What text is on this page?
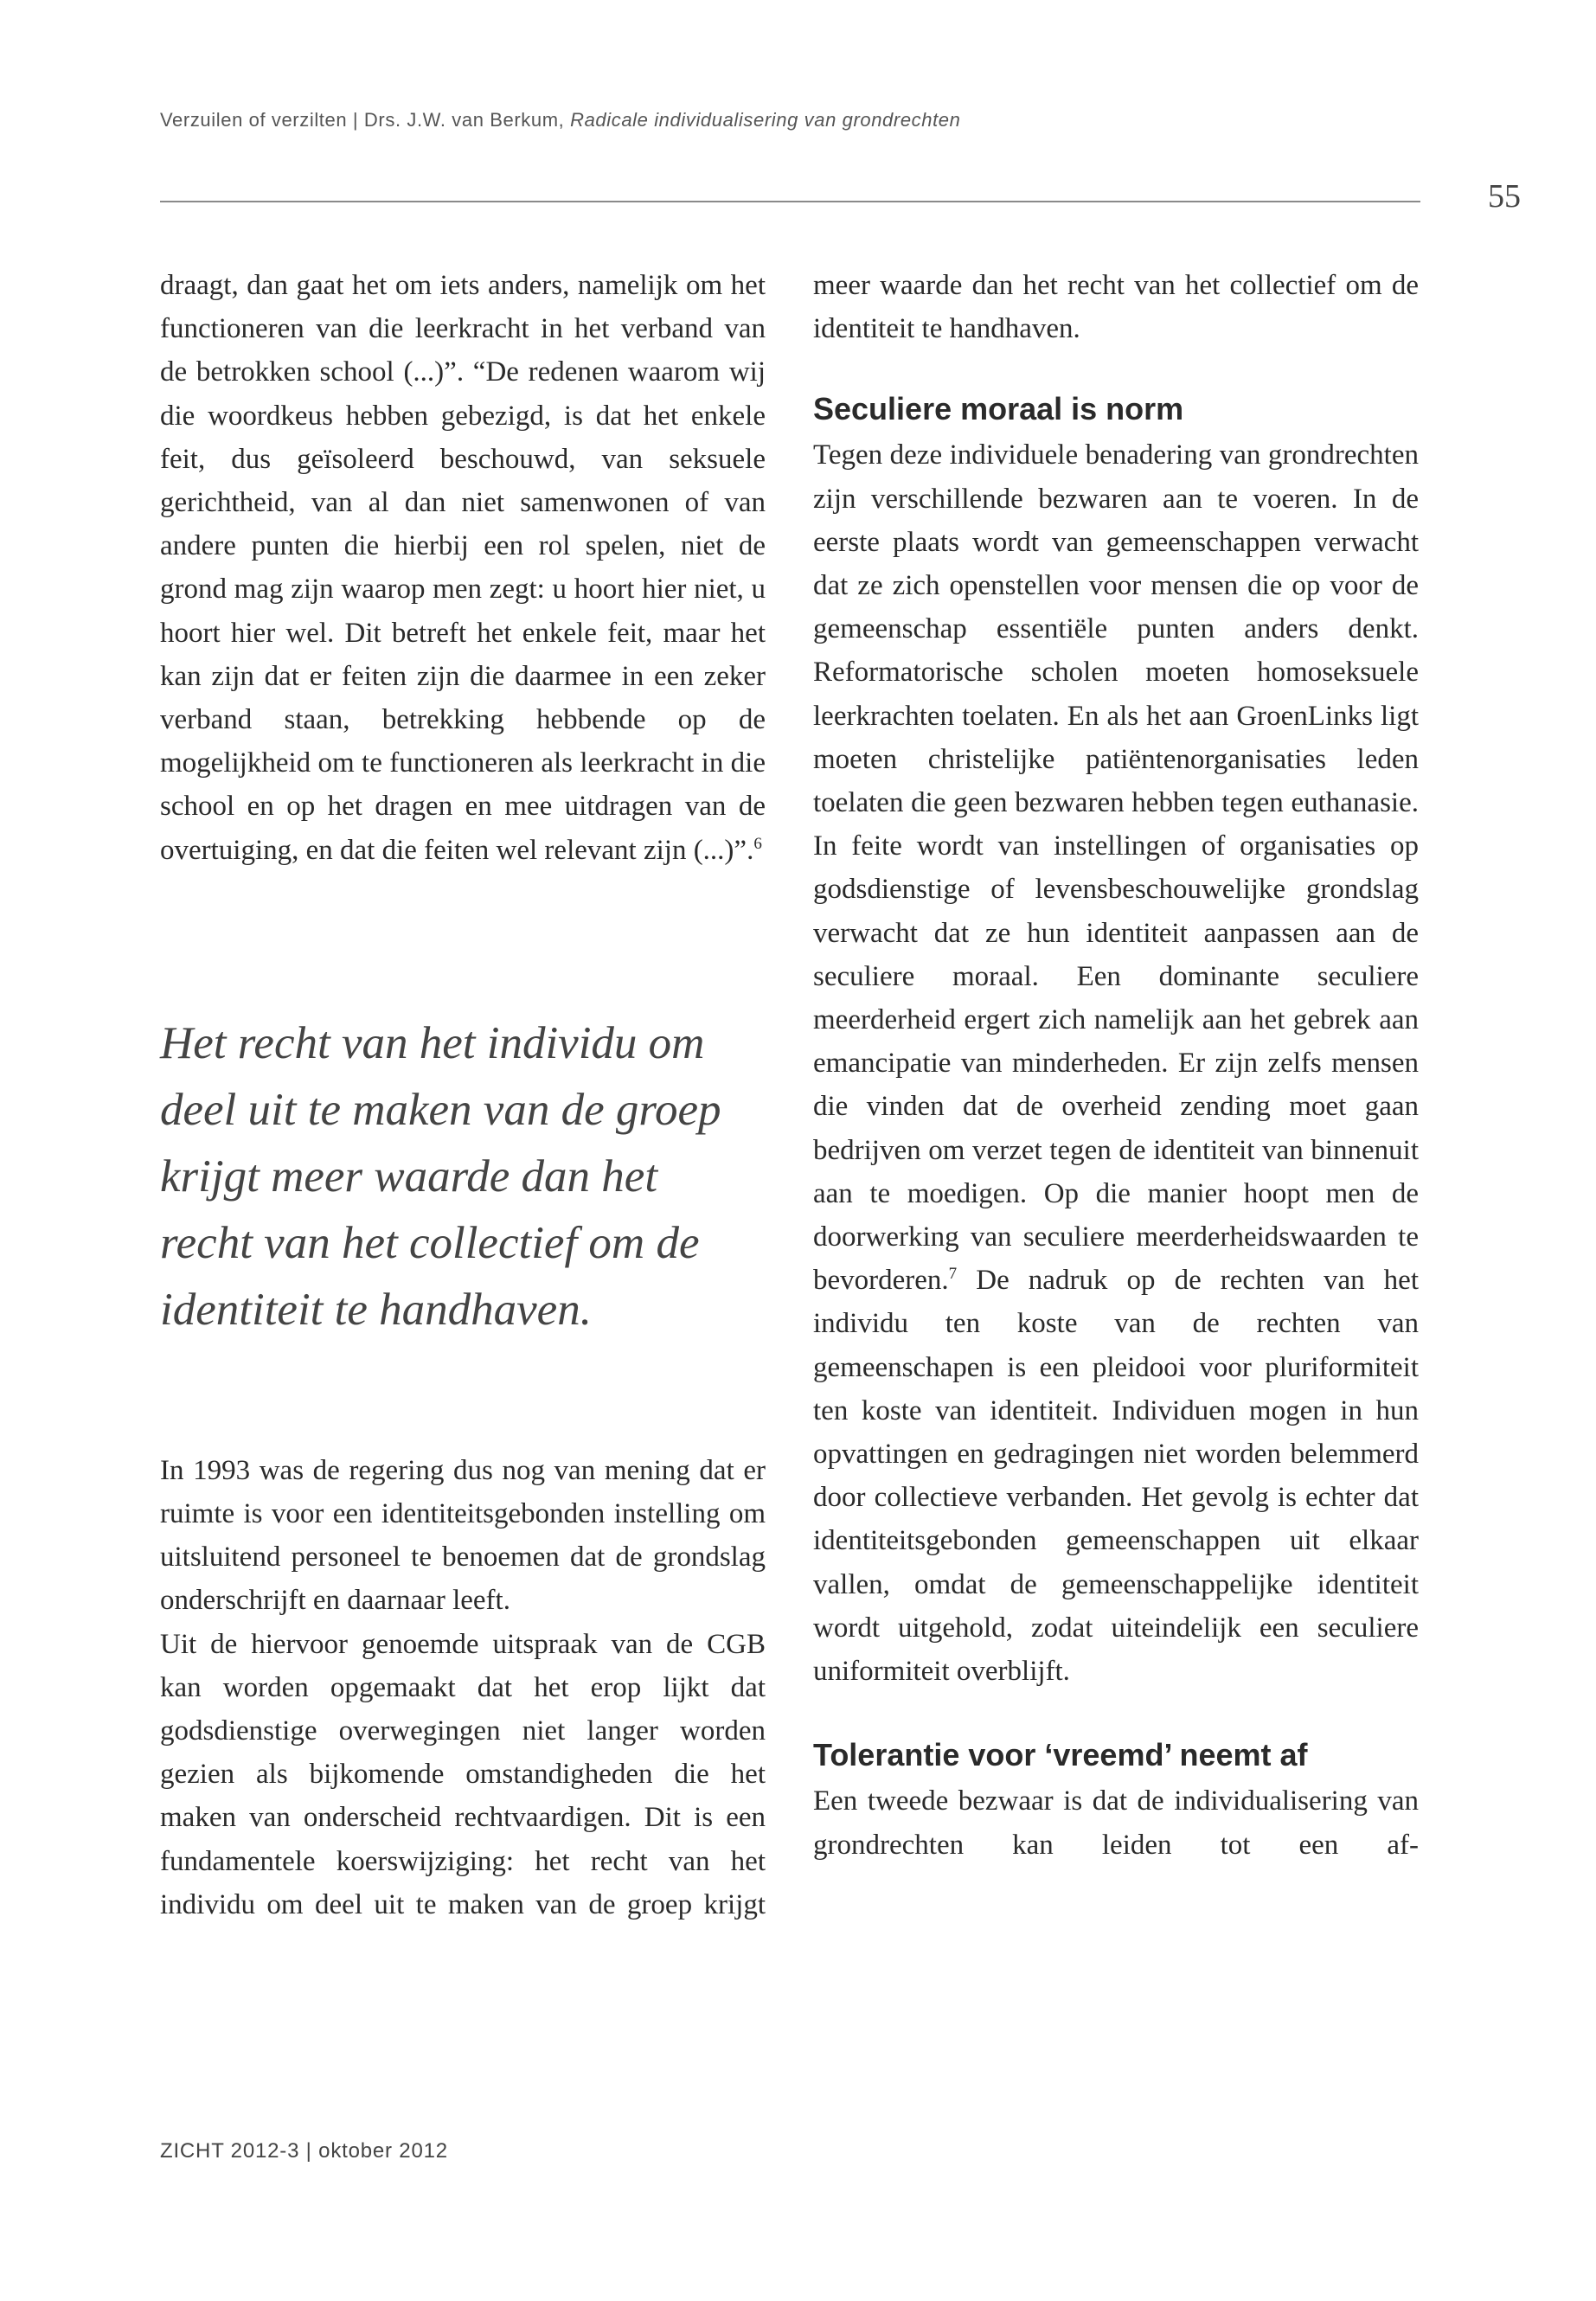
Verzuilen of verzilten | Drs. J.W. van Berkum, Radicale individualisering van grondrechten
55

draagt, dan gaat het om iets anders, namelijk om het functioneren van die leerkracht in het verband van de betrokken school (...)”. “De redenen waarom wij die woordkeus hebben gebezigd, is dat het enkele feit, dus geïsoleerd beschouwd, van seksuele gerichtheid, van al dan niet samenwonen of van andere punten die hierbij een rol spelen, niet de grond mag zijn waarop men zegt: u hoort hier niet, u hoort hier wel. Dit betreft het enkele feit, maar het kan zijn dat er feiten zijn die daarmee in een zeker verband staan, betrekking hebbende op de mogelijkheid om te functioneren als leerkracht in die school en op het dragen en mee uitdragen van de overtuiging, en dat die feiten wel relevant zijn (...)”.$^6$

Het recht van het individu om
deel uit te maken van de groep
krijgt meer waarde dan het
recht van het collectief om de
identiteit te handhaven.

In 1993 was de regering dus nog van mening dat er ruimte is voor een identiteitsgebonden instelling om uitsluitend personeel te benoemen dat de grondslag onderschrijft en daarnaar leeft.

Uit de hiervoor genoemde uitspraak van de CGB kan worden opgemaakt dat het erop lijkt dat godsdienstige overwegingen niet langer worden gezien als bijkomende omstandigheden die het maken van onderscheid rechtvaardigen. Dit is een fundamentele koerswijziging: het recht van het individu om deel uit te maken van de groep krijgt

meer waarde dan het recht van het collectief om de identiteit te handhaven.

Seculiere moraal is norm

Tegen deze individuele benadering van grondrechten zijn verschillende bezwaren aan te voeren. In de eerste plaats wordt van gemeenschappen verwacht dat ze zich openstellen voor mensen die op voor de gemeenschap essentiële punten anders denkt. Reformatorische scholen moeten homoseksuele leerkrachten toelaten. En als het aan GroenLinks ligt moeten christelijke patiëntenorganisaties leden toelaten die geen bezwaren hebben tegen euthanasie. In feite wordt van instellingen of organisaties op godsdienstige of levensbeschouwelijke grondslag verwacht dat ze hun identiteit aanpassen aan de seculiere moraal. Een dominante seculiere meerderheid ergert zich namelijk aan het gebrek aan emancipatie van minderheden. Er zijn zelfs mensen die vinden dat de overheid zending moet gaan bedrijven om verzet tegen de identiteit van binnenuit aan te moedigen. Op die manier hoopt men de doorwerking van seculiere meerderheidswaarden te bevorderen.$^7$ De nadruk op de rechten van het individu ten koste van de rechten van gemeenschapen is een pleidooi voor pluriformiteit ten koste van identiteit. Individuen mogen in hun opvattingen en gedragingen niet worden belemmerd door collectieve verbanden. Het gevolg is echter dat identiteitsgebonden gemeenschappen uit elkaar vallen, omdat de gemeenschappelijke identiteit wordt uitgehold, zodat uiteindelijk een seculiere uniformiteit overblijft.

Tolerantie voor ‘vreemd’ neemt af

Een tweede bezwaar is dat de individualisering van grondrechten kan leiden tot een af-

ZICHT 2012-3 | oktober 2012
